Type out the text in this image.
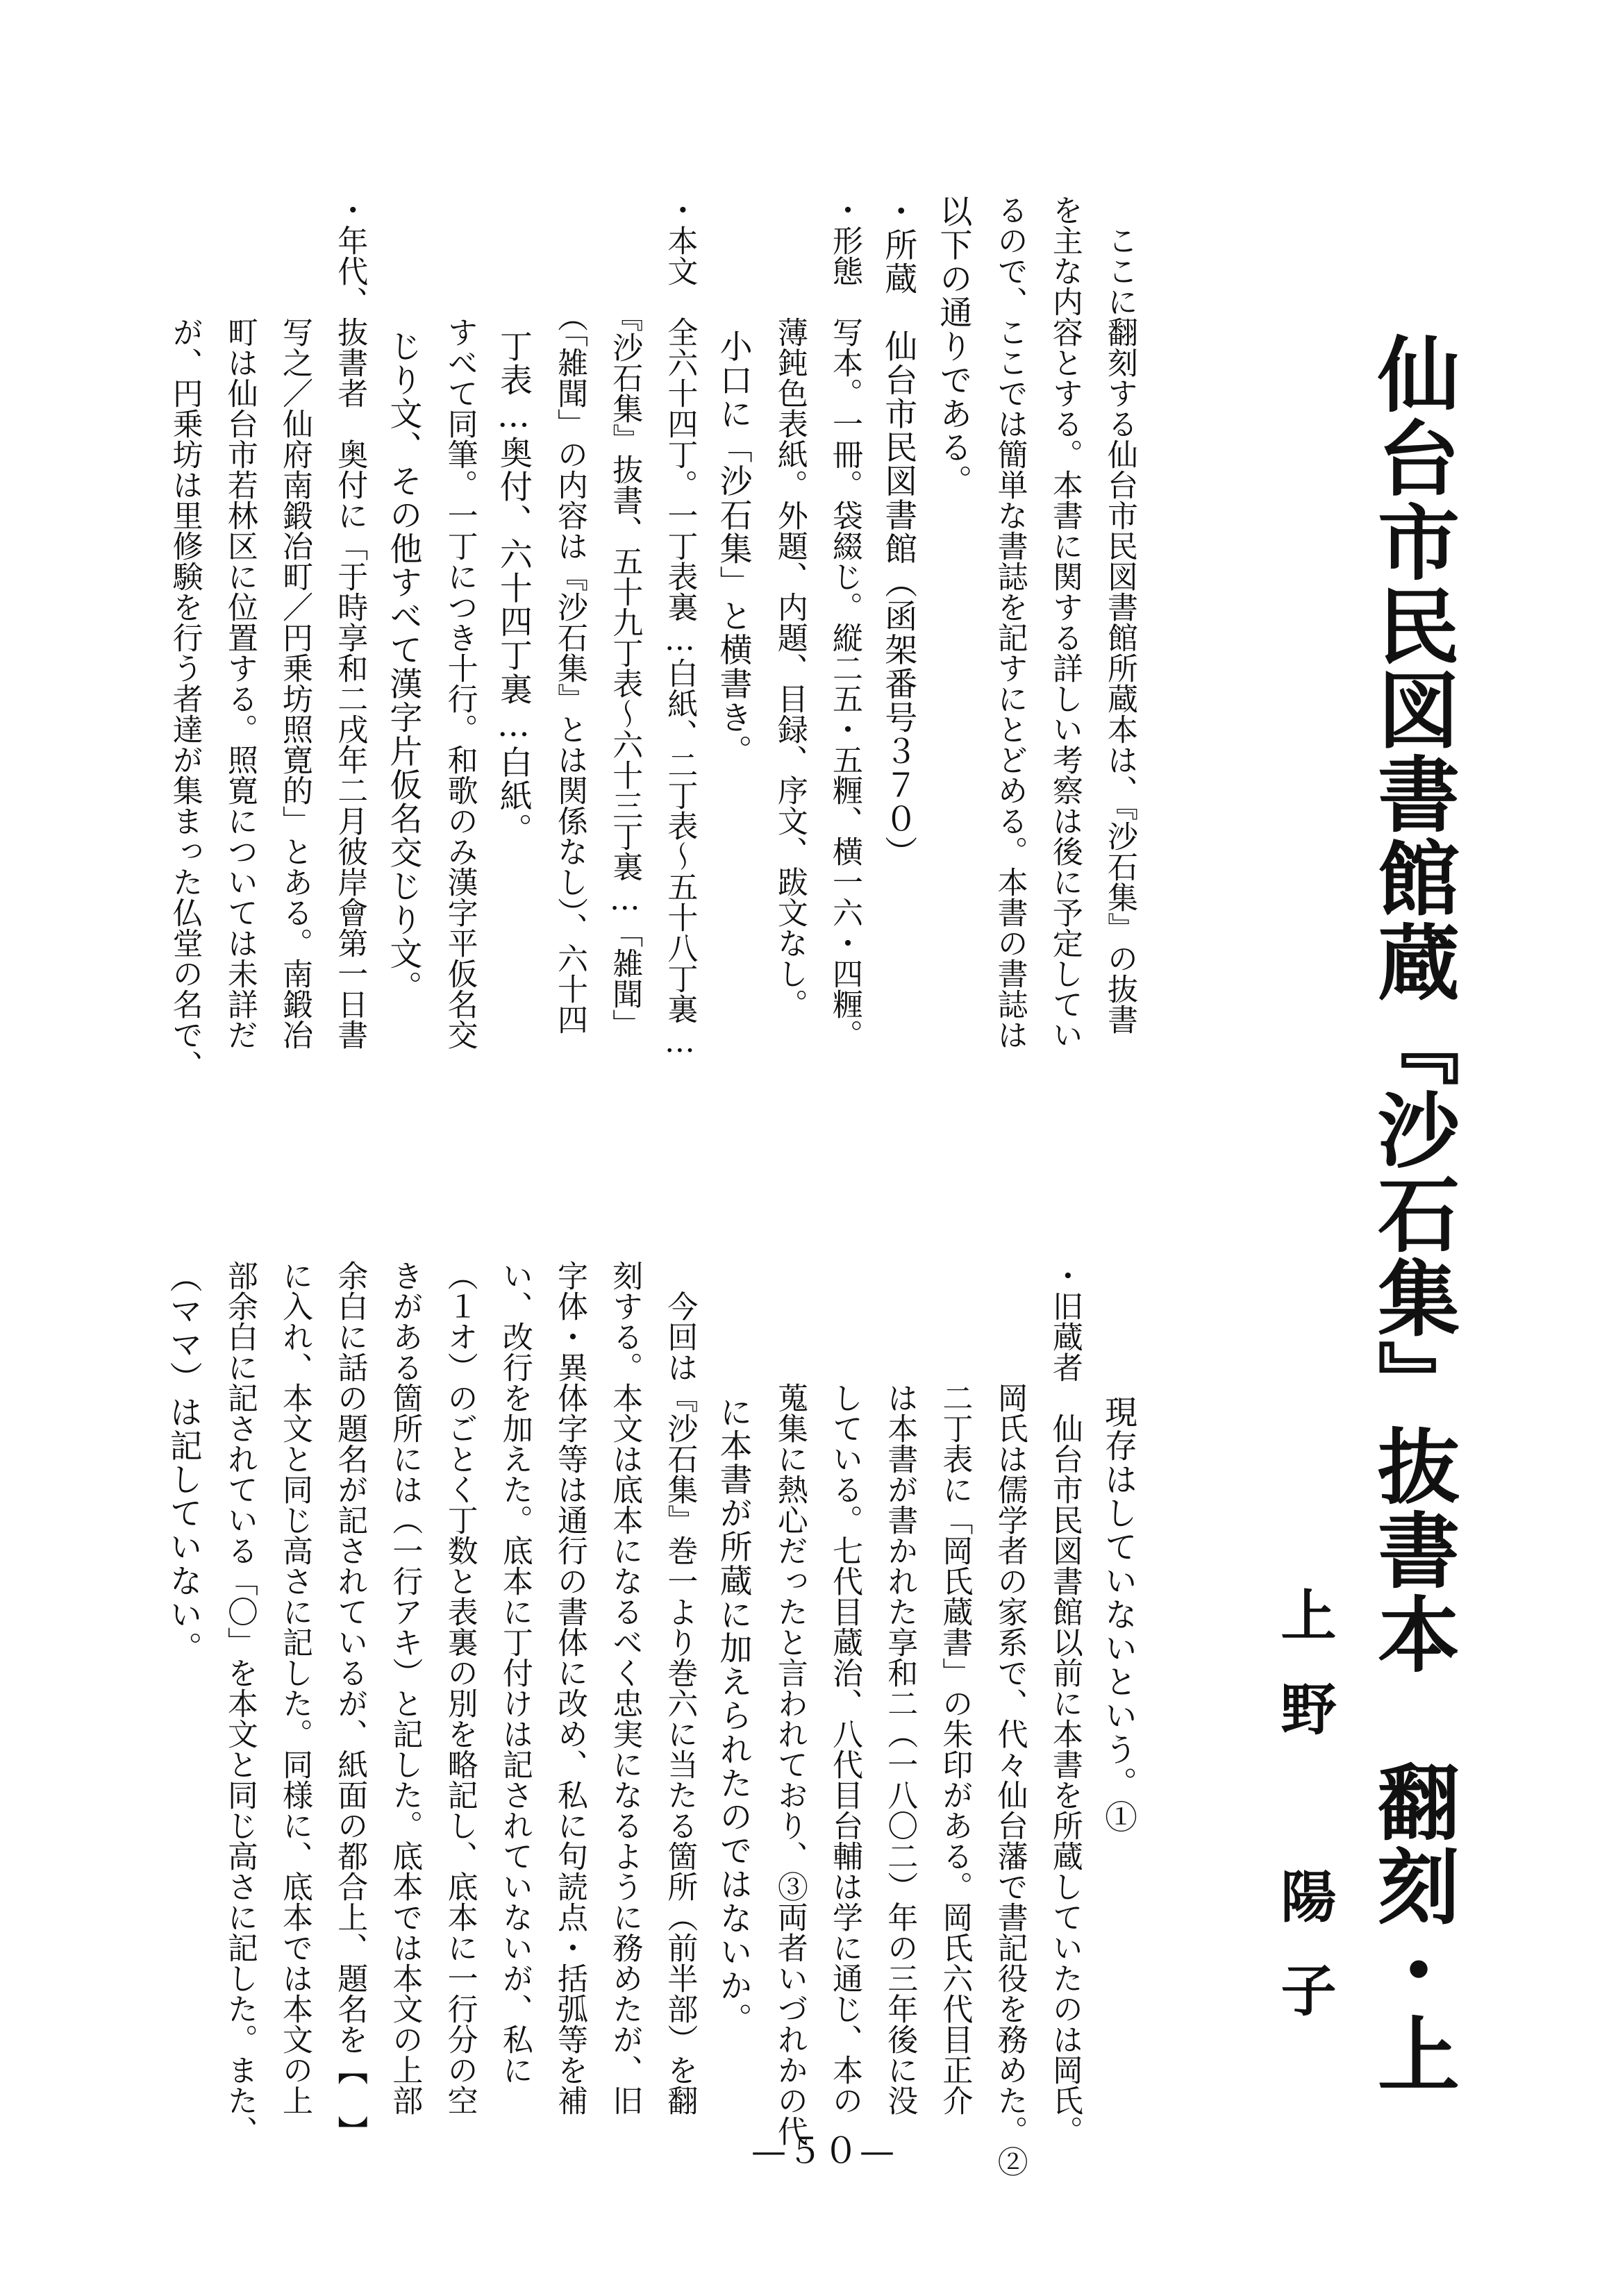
仙台市民図書館蔵『沙石集』抜書本　翻刻・上
上野　陽子
　ここに翻刻する仙台市民図書館所蔵本は、『沙石集』の抜書
を主な内容とする。本書に関する詳しい考察は後に予定してい
るので、ここでは簡単な書誌を記すにとどめる。本書の書誌は
以下の通りである。
・所蔵　仙台市民図書館（函架番号３７０）
・形態　写本。一冊。袋綴じ。縦二五・五糎、横一六・四糎。
　　　　薄鈍色表紙。外題、内題、目録、序文、跋文なし。
　　　　小口に「沙石集」と横書き。
・本文　全六十四丁。一丁表裏…白紙、二丁表〜五十八丁裏…
　　　　『沙石集』抜書、五十九丁表〜六十三丁裏…「雑聞」
　　　　（「雑聞」の内容は『沙石集』とは関係なし）、六十四
　　　　丁表…奥付、六十四丁裏…白紙。
　　　　すべて同筆。一丁につき十行。和歌のみ漢字平仮名交
　　　　じり文、その他すべて漢字片仮名交じり文。
・年代、抜書者　奥付に「于時享和二戌年二月彼岸會第一日書
　　　　写之／仙府南鍛冶町／円乗坊照寛的」とある。南鍛冶
　　　　町は仙台市若林区に位置する。照寛については未詳だ
　　　　が、円乗坊は里修験を行う者達が集まった仏堂の名で、
　　　　現存はしていないという。①
・旧蔵者　仙台市民図書館以前に本書を所蔵していたのは岡氏。
　　　　岡氏は儒学者の家系で、代々仙台藩で書記役を務めた。②
　　　　二丁表に「岡氏蔵書」の朱印がある。岡氏六代目正介
　　　　は本書が書かれた享和二（一八〇二）年の三年後に没
　　　　している。七代目蔵治、八代目台輔は学に通じ、本の
　　　　蒐集に熱心だったと言われており、③両者いづれかの代
　　　　に本書が所蔵に加えられたのではないか。
　今回は『沙石集』巻一より巻六に当たる箇所（前半部）を翻
刻する。本文は底本になるべく忠実になるように務めたが、旧
字体・異体字等は通行の書体に改め、私に句読点・括弧等を補
い、改行を加えた。底本に丁付けは記されていないが、私に
（１オ）のごとく丁数と表裏の別を略記し、底本に一行分の空
きがある箇所には（一行アキ）と記した。底本では本文の上部
余白に話の題名が記されているが、紙面の都合上、題名を【　】
に入れ、本文と同じ高さに記した。同様に、底本では本文の上
部余白に記されている「〇」を本文と同じ高さに記した。また、
（ママ）は記していない。
—５０—
